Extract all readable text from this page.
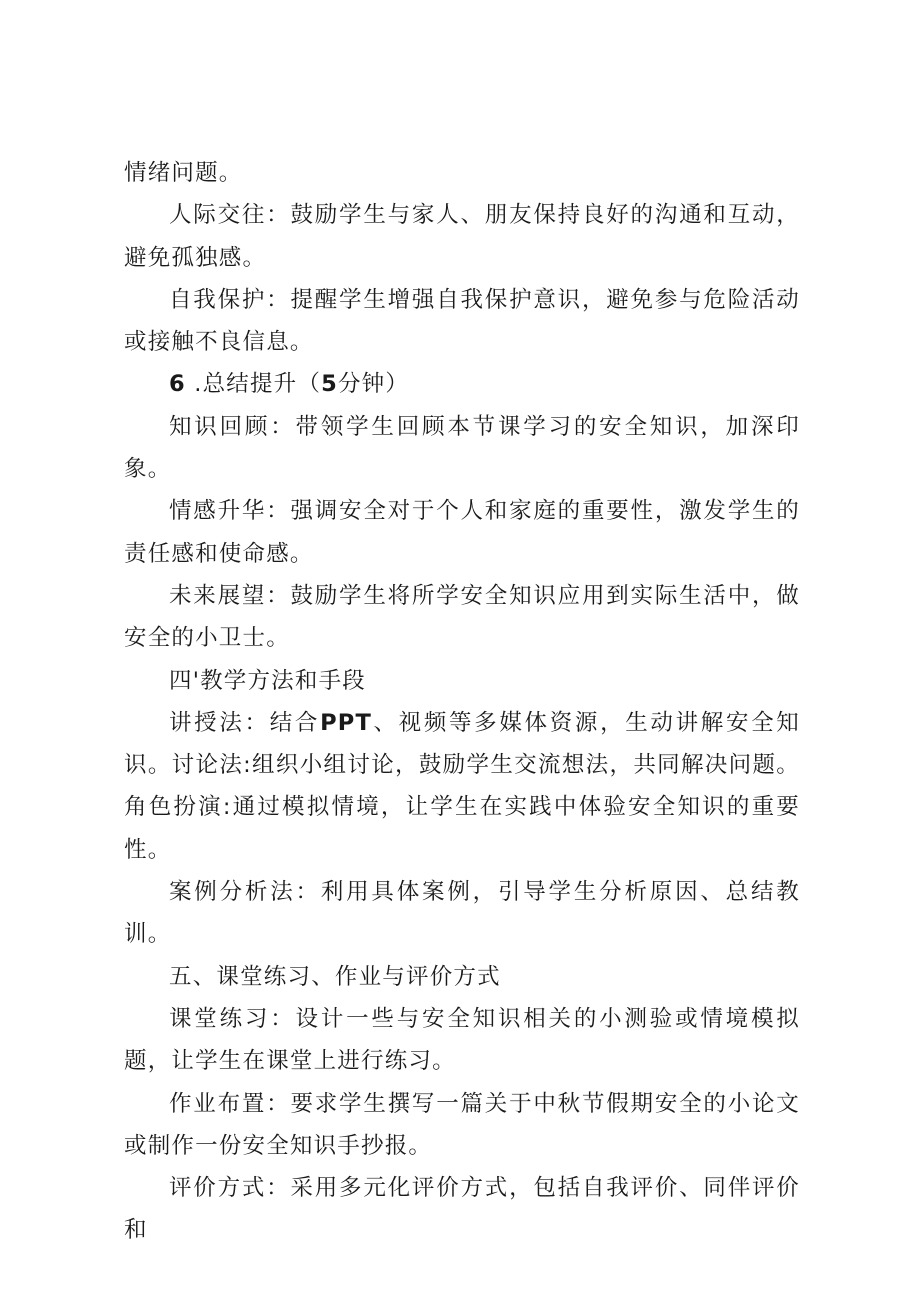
情绪问题。

人际交往：鼓励学生与家人、朋友保持良好的沟通和互动，避免孤独感。

自我保护：提醒学生增强自我保护意识，避免参与危险活动或接触不良信息。

6 .总结提升（5分钟）

知识回顾：带领学生回顾本节课学习的安全知识，加深印象。

情感升华：强调安全对于个人和家庭的重要性，激发学生的责任感和使命感。

未来展望：鼓励学生将所学安全知识应用到实际生活中，做安全的小卫士。

四'教学方法和手段

讲授法：结合PPT、视频等多媒体资源，生动讲解安全知识。讨论法:组织小组讨论，鼓励学生交流想法，共同解决问题。角色扮演:通过模拟情境，让学生在实践中体验安全知识的重要性。

案例分析法：利用具体案例，引导学生分析原因、总结教训。

五、课堂练习、作业与评价方式

课堂练习：设计一些与安全知识相关的小测验或情境模拟题，让学生在课堂上进行练习。

作业布置：要求学生撰写一篇关于中秋节假期安全的小论文或制作一份安全知识手抄报。

评价方式：采用多元化评价方式，包括自我评价、同伴评价和
